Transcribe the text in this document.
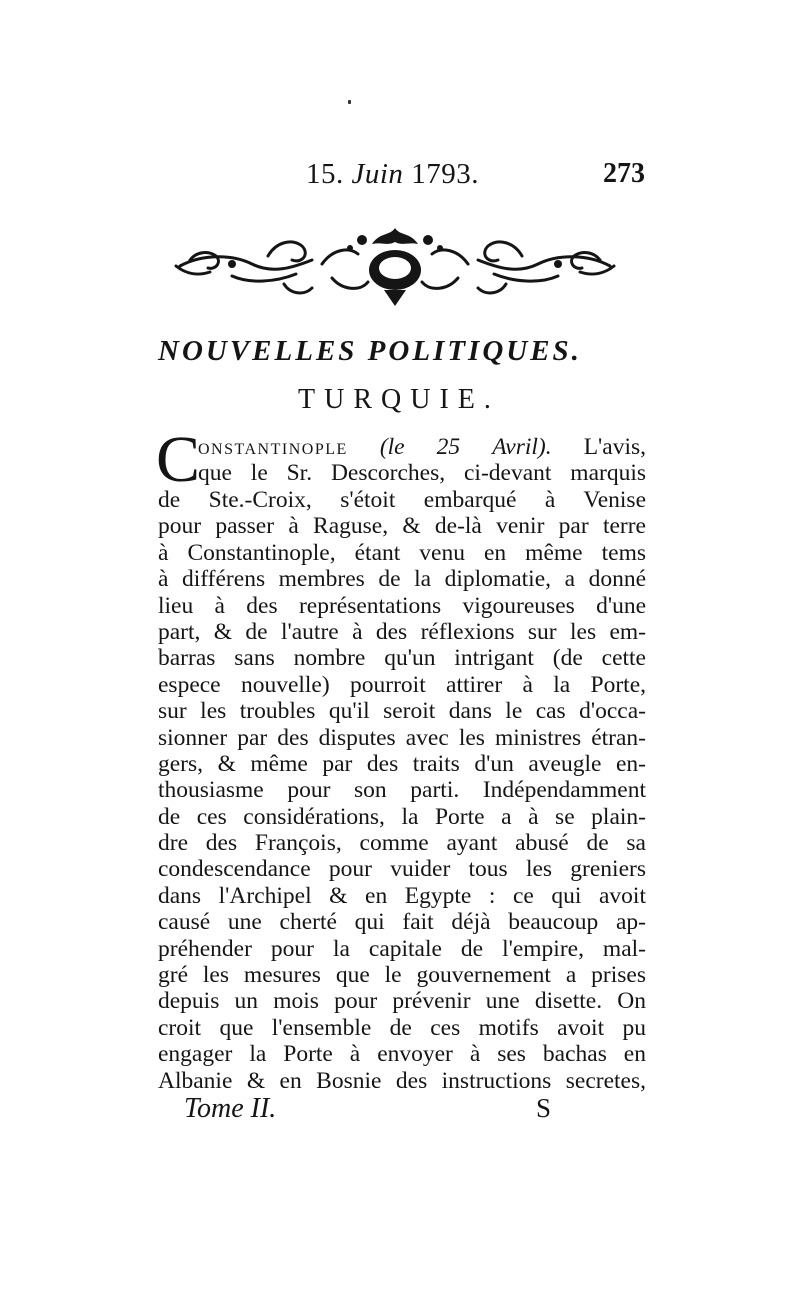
15. Juin 1793.	273
NOUVELLES POLITIQUES.
TURQUIE.
C
onstantinople (le 25 Avril). L'avis,
que le Sr. Descorches, ci-devant marquis
de Ste.-Croix, s'étoit embarqué à Venise
pour passer à Raguse, & de-là venir par terre
à Constantinople, étant venu en même tems
à différens membres de la diplomatie, a donné
lieu à des représentations vigoureuses d'une
part, & de l'autre à des réflexions sur les em-
barras sans nombre qu'un intrigant (de cette
espece nouvelle) pourroit attirer à la Porte,
sur les troubles qu'il seroit dans le cas d'occa-
sionner par des disputes avec les ministres étran-
gers, & même par des traits d'un aveugle en-
thousiasme pour son parti. Indépendamment
de ces considérations, la Porte a à se plain-
dre des François, comme ayant abusé de sa
condescendance pour vuider tous les greniers
dans l'Archipel & en Egypte : ce qui avoit
causé une cherté qui fait déjà beaucoup ap-
préhender pour la capitale de l'empire, mal-
gré les mesures que le gouvernement a prises
depuis un mois pour prévenir une disette. On
croit que l'ensemble de ces motifs avoit pu
engager la Porte à envoyer à ses bachas en
Albanie & en Bosnie des instructions secretes,
Tome II.	S
